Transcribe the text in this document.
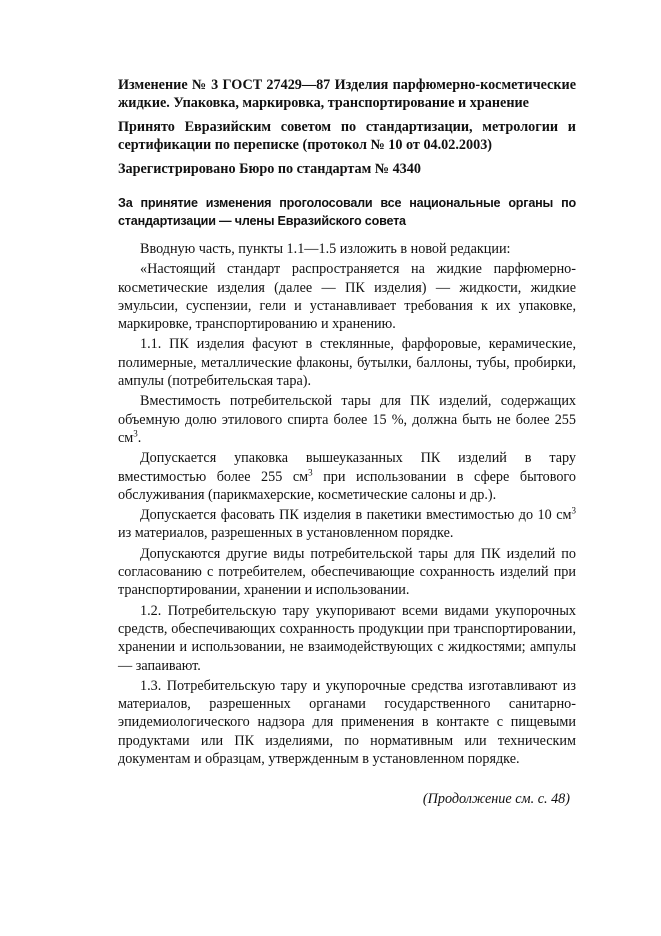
Изменение № 3 ГОСТ 27429—87 Изделия парфюмерно-косметические жидкие. Упаковка, маркировка, транспортирование и хранение
Принято Евразийским советом по стандартизации, метрологии и сертификации по переписке (протокол № 10 от 04.02.2003)
Зарегистрировано Бюро по стандартам № 4340
За принятие изменения проголосовали все национальные органы по стандартизации — члены Евразийского совета

Вводную часть, пункты 1.1—1.5 изложить в новой редакции:

«Настоящий стандарт распространяется на жидкие парфюмерно-косметические изделия (далее — ПК изделия) — жидкости, жидкие эмульсии, суспензии, гели и устанавливает требования к их упаковке, маркировке, транспортированию и хранению.

1.1. ПК изделия фасуют в стеклянные, фарфоровые, керамические, полимерные, металлические флаконы, бутылки, баллоны, тубы, пробирки, ампулы (потребительская тара).

Вместимость потребительской тары для ПК изделий, содержащих объемную долю этилового спирта более 15 %, должна быть не более 255 $см^3$.

Допускается упаковка вышеуказанных ПК изделий в тару вместимостью более 255 $см^3$ при использовании в сфере бытового обслуживания (парикмахерские, косметические салоны и др.).

Допускается фасовать ПК изделия в пакетики вместимостью до 10 $см^3$ из материалов, разрешенных в установленном порядке.

Допускаются другие виды потребительской тары для ПК изделий по согласованию с потребителем, обеспечивающие сохранность изделий при транспортировании, хранении и использовании.

1.2. Потребительскую тару укупоривают всеми видами укупорочных средств, обеспечивающих сохранность продукции при транспортировании, хранении и использовании, не взаимодействующих с жидкостями; ампулы — запаивают.

1.3. Потребительскую тару и укупорочные средства изготавливают из материалов, разрешенных органами государственного санитарно-эпидемиологического надзора для применения в контакте с пищевыми продуктами или ПК изделиями, по нормативным или техническим документам и образцам, утвержденным в установленном порядке.

(Продолжение см. с. 48)
